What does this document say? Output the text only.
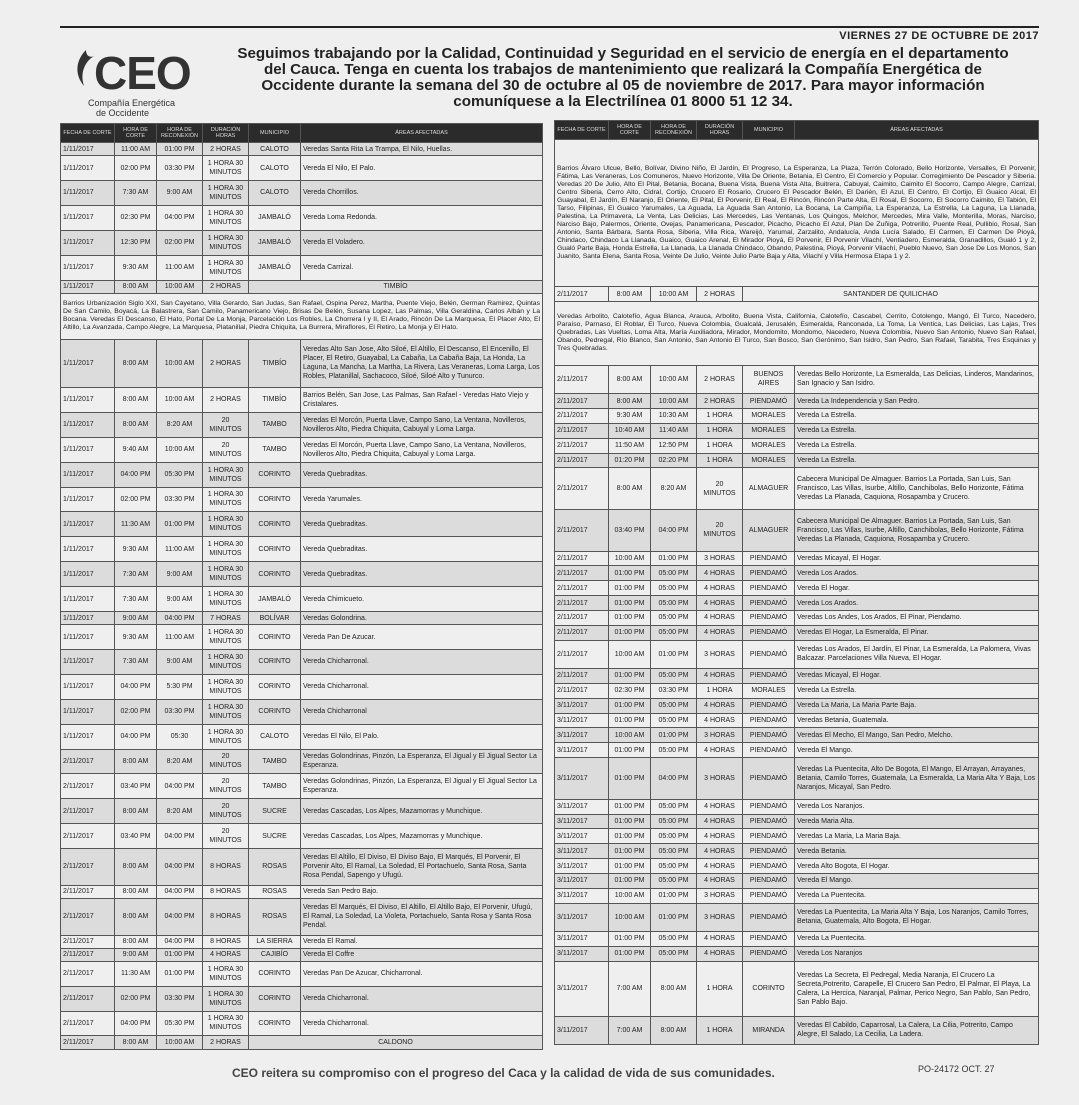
VIERNES 27 DE OCTUBRE DE 2017
CEO
Compañía Energética
de Occidente
Seguimos trabajando por la Calidad, Continuidad y Seguridad en el servicio de energía en el departamento del Cauca. Tenga en cuenta los trabajos de mantenimiento que realizará la Compañía Energética de Occidente durante la semana del 30 de octubre al 05 de noviembre de 2017. Para mayor información comuníquese a la Electrilínea 01 8000 51 12 34.
FECHA DE CORTE	HORA DE CORTE	HORA DE RECONEXIÓN	DURACIÓN HORAS	MUNICIPIO	ÁREAS AFECTADAS
1/11/2017	11:00 AM	01:00 PM	2 HORAS	CALOTO	Veredas Santa Rita La Trampa, El Nilo, Huellas.
1/11/2017	02:00 PM	03:30 PM	1 HORA 30 MINUTOS	CALOTO	Vereda El Nilo, El Palo.
1/11/2017	7:30 AM	9:00 AM	1 HORA 30 MINUTOS	CALOTO	Vereda Chorrillos.
1/11/2017	02:30 PM	04:00 PM	1 HORA 30 MINUTOS	JAMBALÓ	Vereda Loma Redonda.
1/11/2017	12:30 PM	02:00 PM	1 HORA 30 MINUTOS	JAMBALÓ	Vereda El Voladero.
1/11/2017	9:30 AM	11:00 AM	1 HORA 30 MINUTOS	JAMBALÓ	Vereda Carrizal.
1/11/2017	8:00 AM	10:00 AM	2 HORAS	TIMBÍO	
Barrios Urbanización Siglo XXI, San Cayetano, Villa Gerardo, San Judas, San Rafael, Ospina Perez, Martha, Puente Viejo, Belén, German Ramirez, Quintas De San Camilo, Boyacá, La Balastrera, San Camilo, Panamericano Viejo, Brisas De Belén, Susana Lopez, Las Palmas, Villa Geraldina, Carlos Albán y La Bocana. Veredas El Descanso, El Hato, Portal De La Monja, Parcelación Los Robles, La Chorrera I y II, El Arado, Rincón De La Marquesa, El Placer Alto, El Altillo, La Avanzada, Campo Alegre, La Marquesa, Platanillal, Piedra Chiquita, La Burrera, Miraflores, El Retiro, La Monja y El Hato.					
1/11/2017	8:00 AM	10:00 AM	2 HORAS	TIMBÍO	Veredas Alto San Jose, Alto Siloé, El Altillo, El Descanso, El Encenillo, El Placer, El Retiro, Guayabal, La Cabaña, La Cabaña Baja, La Honda, La Laguna, La Mancha, La Martha, La Rivera, Las Veraneras, Loma Larga, Los Robles, Platanillal, Sachacoco, Siloé, Siloé Alto y Tunurco.
1/11/2017	8:00 AM	10:00 AM	2 HORAS	TIMBÍO	Barrios Belén, San Jose, Las Palmas, San Rafael - Veredas Hato Viejo y Cristalares.
1/11/2017	8:00 AM	8:20 AM	20 MINUTOS	TAMBO	Veredas El Morcón, Puerta Llave, Campo Sano, La Ventana, Novilleros, Novilleros Alto, Piedra Chiquita, Cabuyal y Loma Larga.
1/11/2017	9:40 AM	10:00 AM	20 MINUTOS	TAMBO	Veredas El Morcón, Puerta Llave, Campo Sano, La Ventana, Novilleros, Novilleros Alto, Piedra Chiquita, Cabuyal y Loma Larga.
1/11/2017	04:00 PM	05:30 PM	1 HORA 30 MINUTOS	CORINTO	Vereda Quebraditas.
1/11/2017	02:00 PM	03:30 PM	1 HORA 30 MINUTOS	CORINTO	Vereda Yarumales.
1/11/2017	11:30 AM	01:00 PM	1 HORA 30 MINUTOS	CORINTO	Vereda Quebraditas.
1/11/2017	9:30 AM	11:00 AM	1 HORA 30 MINUTOS	CORINTO	Vereda Quebraditas.
1/11/2017	7:30 AM	9:00 AM	1 HORA 30 MINUTOS	CORINTO	Vereda Quebraditas.
1/11/2017	7:30 AM	9:00 AM	1 HORA 30 MINUTOS	JAMBALÓ	Vereda Chimicueto.
1/11/2017	9:00 AM	04:00 PM	7 HORAS	BOLÍVAR	Veredas Golondrina.
1/11/2017	9:30 AM	11:00 AM	1 HORA 30 MINUTOS	CORINTO	Vereda Pan De Azucar.
1/11/2017	7:30 AM	9:00 AM	1 HORA 30 MINUTOS	CORINTO	Vereda Chicharronal.
1/11/2017	04:00 PM	5:30 PM	1 HORA 30 MINUTOS	CORINTO	Vereda Chicharronal.
1/11/2017	02:00 PM	03:30 PM	1 HORA 30 MINUTOS	CORINTO	Vereda Chicharronal
1/11/2017	04:00 PM	05:30	1 HORA 30 MINUTOS	CALOTO	Veredas El Nilo, El Palo.
2/11/2017	8:00 AM	8:20 AM	20 MINUTOS	TAMBO	Veredas Golondrinas, Pinzón, La Esperanza, El Jigual y El Jigual Sector La Esperanza.
2/11/2017	03:40 PM	04:00 PM	20 MINUTOS	TAMBO	Veredas Golondrinas, Pinzón, La Esperanza, El Jigual y El Jigual Sector La Esperanza.
2/11/2017	8:00 AM	8:20 AM	20 MINUTOS	SUCRE	Veredas Cascadas, Los Alpes, Mazamorras y Munchique.
2/11/2017	03:40 PM	04:00 PM	20 MINUTOS	SUCRE	Veredas Cascadas, Los Alpes, Mazamorras y Munchique.
2/11/2017	8:00 AM	04:00 PM	8 HORAS	ROSAS	Veredas El Altillo, El Diviso, El Diviso Bajo, El Marqués, El Porvenir, El Porvenir Alto, El Ramal, La Soledad, El Portachuelo, Santa Rosa, Santa Rosa Pendal, Sapengo y Ufugú.
2/11/2017	8:00 AM	04:00 PM	8 HORAS	ROSAS	Vereda San Pedro Bajo.
2/11/2017	8:00 AM	04:00 PM	8 HORAS	ROSAS	Veredas El Marqués, El Diviso, El Altillo, El Altillo Bajo, El Porvenir, Ufugú, El Ramal, La Soledad, La Violeta, Portachuelo, Santa Rosa y Santa Rosa Pendal.
2/11/2017	8:00 AM	04:00 PM	8 HORAS	LA SIERRA	Vereda El Ramal.
2/11/2017	9:00 AM	01:00 PM	4 HORAS	CAJIBÍO	Vereda El Coffre
2/11/2017	11:30 AM	01:00 PM	1 HORA 30 MINUTOS	CORINTO	Veredas Pan De Azucar, Chicharronal.
2/11/2017	02:00 PM	03:30 PM	1 HORA 30 MINUTOS	CORINTO	Vereda Chicharronal.
2/11/2017	04:00 PM	05:30 PM	1 HORA 30 MINUTOS	CORINTO	Vereda Chicharronal.
2/11/2017	8:00 AM	10:00 AM	2 HORAS	CALDONO	
FECHA DE CORTE	HORA DE CORTE	HORA DE RECONEXIÓN	DURACIÓN HORAS	MUNICIPIO	ÁREAS AFECTADAS
Barrios Álvaro Ulcue, Bello, Bolívar, Divino Niño, El Jardín, El Progreso, La Esperanza, La Plaza, Terrón Colorado, Bello Horizonte, Versalles, El Porvenir, Fátima, Las Veraneras, Los Comuneros, Nuevo Horizonte, Villa De Oriente, Betania, El Centro, El Comercio y Popular. Corregimiento De Pescador y Siberia. Veredas 20 De Julio, Alto El Pital, Betania, Bocana, Buena Vista, Buena Vista Alta, Buitrera, Cabuyal, Caimito, Caimito El Socorro, Campo Alegre, Carrizal, Centro Siberia, Cerro Alto, Cidral, Cortijo, Crucero El Rosario, Crucero El Pescador Belén, El Darién, El Azul, El Centro, El Cortijo, El Guaico Alcal, El Guayabal, El Jardín, El Naranjo, El Oriente, El Pital, El Porvenir, El Real, El Rincón, Rincón Parte Alta, El Rosal, El Socorro, El Socorro Caimito, El Tabión, El Tarso, Filipinas, El Guaico Yarumales, La Aguada, La Aguada San Antonio, La Bocana, La Campiña, La Esperanza, La Estrella, La Laguna, La Llanada, Palestina, La Primavera, La Venta, Las Delicias, Las Mercedes, Las Ventanas, Los Quingos, Melchor, Mercedes, Mira Valle, Monterilla, Moras, Narciso, Narciso Bajo, Palermos, Oriente, Ovejas, Panamericana, Pescador, Picacho, Picacho El Azul, Plan De Zuñiga, Potrerillo, Puente Real, Pullibio, Rosal, San Antonio, Santa Bárbara, Santa Rosa, Siberia, Villa Rica, Wareijó, Yarumal, Zarzalito, Andalucía, Anda Lucía Salado, El Carmen, El Carmen De Pioyá, Chindaco, Chindaco La Llanada, Guaico, Guaico Arenal, El Mirador Pioyá, El Porvenir, El Porvenir Vilachí, Ventiadero, Esmeralda, Granadillos, Gualó 1 y 2, Gualó Parte Baja, Honda Estrella, La Llanada, La Llanada Chindaco, Obando, Palestina, Pioyá, Porvenir Vilachí, Pueblo Nuevo, San Jose De Los Monos, San Juanito, Santa Elena, Santa Rosa, Veinte De Julio, Veinte Julio Parte Baja y Alta, Vilachí y Villa Hermosa Etapa 1 y 2.					
2/11/2017	8:00 AM	10:00 AM	2 HORAS	SANTANDER DE QUILICHAO	
Veredas Arbolito, Calotefío, Agua Blanca, Arauca, Arbolito, Buena Vista, California, Calotefío, Cascabel, Cerrito, Cotolengo, Mangó, El Turco, Nacedero, Paraíso, Parnaso, El Roblar, El Turco, Nueva Colombia, Gualcalá, Jerusalén, Esmeralda, Ranconada, La Toma, La Ventica, Las Delicias, Las Lajas, Tres Quebradas, Las Vueltas, Loma Alta, María Auxiliadora, Mirador, Mondomito, Mondomo, Nacedero, Nueva Colombia, Nuevo San Antonio, Nuevo San Rafael, Obando, Pedregal, Río Blanco, San Antonio, San Antonio El Turco, San Bosco, San Gerónimo, San Isidro, San Pedro, San Rafael, Tarabita, Tres Esquinas y Tres Quebradas.					
2/11/2017	8:00 AM	10:00 AM	2 HORAS	BUENOS AIRES	Veredas Bello Horizonte, La Esmeralda, Las Delicias, Linderos, Mandarinos, San Ignacio y San Isidro.
2/11/2017	8:00 AM	10:00 AM	2 HORAS	PIENDAMÓ	Vereda La Independencia y San Pedro.
2/11/2017	9:30 AM	10:30 AM	1 HORA	MORALES	Vereda La Estrella.
2/11/2017	10:40 AM	11:40 AM	1 HORA	MORALES	Vereda La Estrella.
2/11/2017	11:50 AM	12:50 PM	1 HORA	MORALES	Vereda La Estrella.
2/11/2017	01:20 PM	02:20 PM	1 HORA	MORALES	Vereda La Estrella.
2/11/2017	8:00 AM	8:20 AM	20 MINUTOS	ALMAGUER	Cabecera Municipal De Almaguer. Barrios La Portada, San Luis, San Francisco, Las Villas, Isurbe, Altillo, Canchibolas, Bello Horizonte, Fátima Veredas La Planada, Caquiona, Rosapamba y Crucero.
2/11/2017	03:40 PM	04:00 PM	20 MINUTOS	ALMAGUER	Cabecera Municipal De Almaguer. Barrios La Portada, San Luis, San Francisco, Las Villas, Isurbe, Altillo, Canchibolas, Bello Horizonte, Fátima Veredas La Planada, Caquiona, Rosapamba y Crucero.
2/11/2017	10:00 AM	01:00 PM	3 HORAS	PIENDAMÓ	Veredas Micayal, El Hogar.
2/11/2017	01:00 PM	05:00 PM	4 HORAS	PIENDAMÓ	Vereda Los Arados.
2/11/2017	01:00 PM	05:00 PM	4 HORAS	PIENDAMÓ	Vereda El Hogar.
2/11/2017	01:00 PM	05:00 PM	4 HORAS	PIENDAMÓ	Vereda Los Arados.
2/11/2017	01:00 PM	05:00 PM	4 HORAS	PIENDAMÓ	Veredas Los Andes, Los Arados, El Pinar, Piendamo.
2/11/2017	01:00 PM	05:00 PM	4 HORAS	PIENDAMÓ	Veredas El Hogar, La Esmeralda, El Pinar.
2/11/2017	10:00 AM	01:00 PM	3 HORAS	PIENDAMÓ	Veredas Los Arados, El Jardín, El Pinar, La Esmeralda, La Palomera, Vivas Balcazar. Parcelaciones Villa Nueva, El Hogar.
2/11/2017	01:00 PM	05:00 PM	4 HORAS	PIENDAMÓ	Veredas Micayal, El Hogar.
2/11/2017	02:30 PM	03:30 PM	1 HORA	MORALES	Vereda La Estrella.
3/11/2017	01:00 PM	05:00 PM	4 HORAS	PIENDAMÓ	Vereda La Maria, La Maria Parte Baja.
3/11/2017	01:00 PM	05:00 PM	4 HORAS	PIENDAMÓ	Veredas Betania, Guatemala.
3/11/2017	10:00 AM	01:00 PM	3 HORAS	PIENDAMÓ	Veredas El Mecho, El Mango, San Pedro, Melcho.
3/11/2017	01:00 PM	05:00 PM	4 HORAS	PIENDAMÓ	Vereda El Mango.
3/11/2017	01:00 PM	04:00 PM	3 HORAS	PIENDAMÓ	Veredas La Puentecita, Alto De Bogota, El Mango, El Arrayan, Arrayanes, Betania, Camilo Torres, Guatemala, La Esmeralda, La Maria Alta Y Baja, Los Naranjos, Micayal, San Pedro.
3/11/2017	01:00 PM	05:00 PM	4 HORAS	PIENDAMÓ	Vereda Los Naranjos.
3/11/2017	01:00 PM	05:00 PM	4 HORAS	PIENDAMÓ	Vereda Maria Alta.
3/11/2017	01:00 PM	05:00 PM	4 HORAS	PIENDAMÓ	Veredas La Maria, La Maria Baja.
3/11/2017	01:00 PM	05:00 PM	4 HORAS	PIENDAMÓ	Vereda Betania.
3/11/2017	01:00 PM	05:00 PM	4 HORAS	PIENDAMÓ	Vereda Alto Bogota, El Hogar.
3/11/2017	01:00 PM	05:00 PM	4 HORAS	PIENDAMÓ	Vereda El Mango.
3/11/2017	10:00 AM	01:00 PM	3 HORAS	PIENDAMÓ	Vereda La Puentecita.
3/11/2017	10:00 AM	01:00 PM	3 HORAS	PIENDAMÓ	Veredas La Puentecita, La Maria Alta Y Baja, Los Naranjos, Camilo Torres, Betania, Guatemala, Alto Bogota, El Hogar.
3/11/2017	01:00 PM	05:00 PM	4 HORAS	PIENDAMÓ	Vereda La Puentecita.
3/11/2017	01:00 PM	05:00 PM	4 HORAS	PIENDAMÓ	Vereda Los Naranjos
3/11/2017	7:00 AM	8:00 AM	1 HORA	CORINTO	Veredas La Secreta, El Pedregal, Media Naranja, El Crucero La Secreta,Potrerito, Carapelle, El Crucero San Pedro, El Palmar, El Playa, La Calera, La Hercica, Naranjal, Palmar, Perico Negro, San Pablo, San Pedro, San Pablo Bajo.
3/11/2017	7:00 AM	8:00 AM	1 HORA	MIRANDA	Veredas El Cabildo, Caparrosal, La Calera, La Cilia, Potrerito, Campo Alegre, El Salado, La Cecilia, La Ladera.
CEO reitera su compromiso con el progreso del Caca y la calidad de vida de sus comunidades.	PO-24172 OCT. 27
